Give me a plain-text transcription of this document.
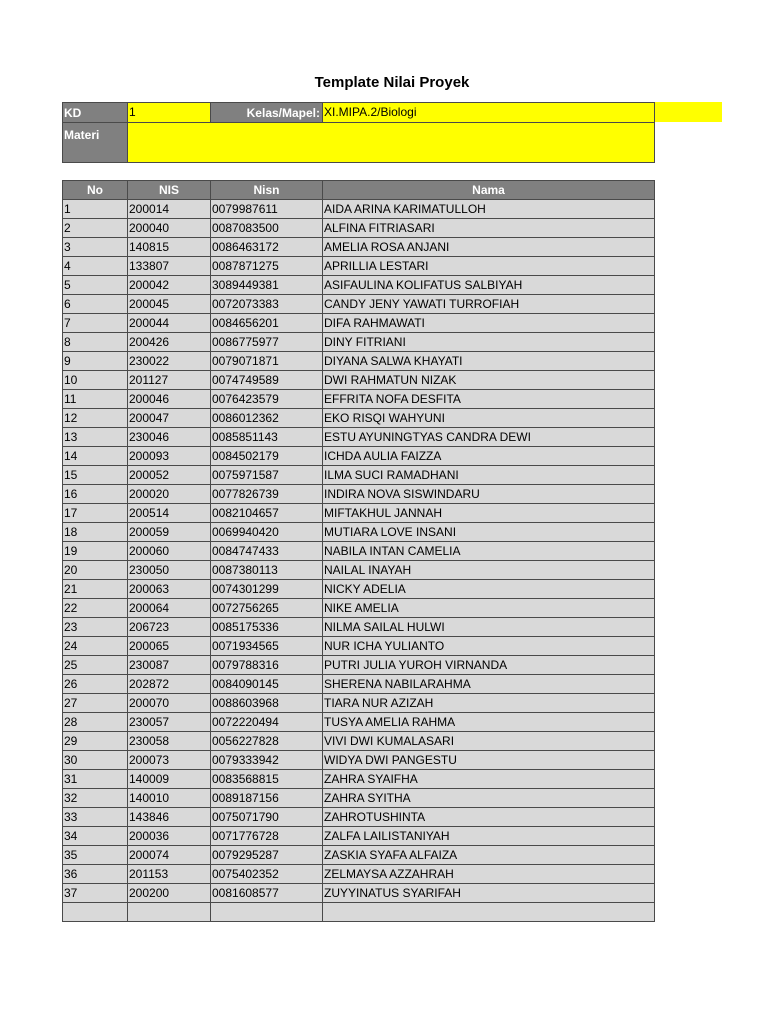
Template Nilai Proyek
KD	1	Kelas/Mapel:	XI.MIPA.2/Biologi
Materi			
No	NIS	Nisn	Nama
1	200014	0079987611	AIDA ARINA KARIMATULLOH
2	200040	0087083500	ALFINA FITRIASARI
3	140815	0086463172	AMELIA ROSA ANJANI
4	133807	0087871275	APRILLIA LESTARI
5	200042	3089449381	ASIFAULINA KOLIFATUS SALBIYAH
6	200045	0072073383	CANDY JENY YAWATI TURROFIAH
7	200044	0084656201	DIFA RAHMAWATI
8	200426	0086775977	DINY FITRIANI
9	230022	0079071871	DIYANA SALWA KHAYATI
10	201127	0074749589	DWI RAHMATUN NIZAK
11	200046	0076423579	EFFRITA NOFA DESFITA
12	200047	0086012362	EKO RISQI WAHYUNI
13	230046	0085851143	ESTU AYUNINGTYAS CANDRA DEWI
14	200093	0084502179	ICHDA AULIA FAIZZA
15	200052	0075971587	ILMA SUCI RAMADHANI
16	200020	0077826739	INDIRA NOVA SISWINDARU
17	200514	0082104657	MIFTAKHUL JANNAH
18	200059	0069940420	MUTIARA LOVE INSANI
19	200060	0084747433	NABILA INTAN CAMELIA
20	230050	0087380113	NAILAL INAYAH
21	200063	0074301299	NICKY ADELIA
22	200064	0072756265	NIKE AMELIA
23	206723	0085175336	NILMA SAILAL HULWI
24	200065	0071934565	NUR ICHA YULIANTO
25	230087	0079788316	PUTRI JULIA YUROH VIRNANDA
26	202872	0084090145	SHERENA NABILARAHMA
27	200070	0088603968	TIARA NUR AZIZAH
28	230057	0072220494	TUSYA AMELIA RAHMA
29	230058	0056227828	VIVI DWI KUMALASARI
30	200073	0079333942	WIDYA DWI PANGESTU
31	140009	0083568815	ZAHRA SYAIFHA
32	140010	0089187156	ZAHRA SYITHA
33	143846	0075071790	ZAHROTUSHINTA
34	200036	0071776728	ZALFA LAILISTANIYAH
35	200074	0079295287	ZASKIA SYAFA ALFAIZA
36	201153	0075402352	ZELMAYSA AZZAHRAH
37	200200	0081608577	ZUYYINATUS SYARIFAH
